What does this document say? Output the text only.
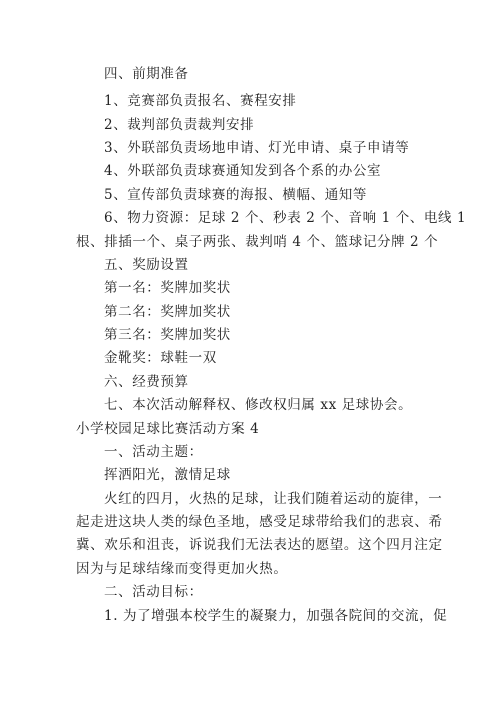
四、前期准备
1、竞赛部负责报名、赛程安排
2、裁判部负责裁判安排
3、外联部负责场地申请、灯光申请、桌子申请等
4、外联部负责球赛通知发到各个系的办公室
5、宣传部负责球赛的海报、横幅、通知等
6、物力资源：足球 2 个、秒表 2 个、音响 1 个、电线 1
根、排插一个、桌子两张、裁判哨 4 个、篮球记分牌 2 个
五、奖励设置
第一名：奖牌加奖状
第二名：奖牌加奖状
第三名：奖牌加奖状
金靴奖：球鞋一双
六、经费预算
七、本次活动解释权、修改权归属 xx 足球协会。
小学校园足球比赛活动方案 4
一、活动主题：
挥洒阳光，激情足球
火红的四月，火热的足球，让我们随着运动的旋律，一
起走进这块人类的绿色圣地，感受足球带给我们的悲哀、希
冀、欢乐和沮丧，诉说我们无法表达的愿望。这个四月注定
因为与足球结缘而变得更加火热。
二、活动目标：
1. 为了增强本校学生的凝聚力，加强各院间的交流，促
